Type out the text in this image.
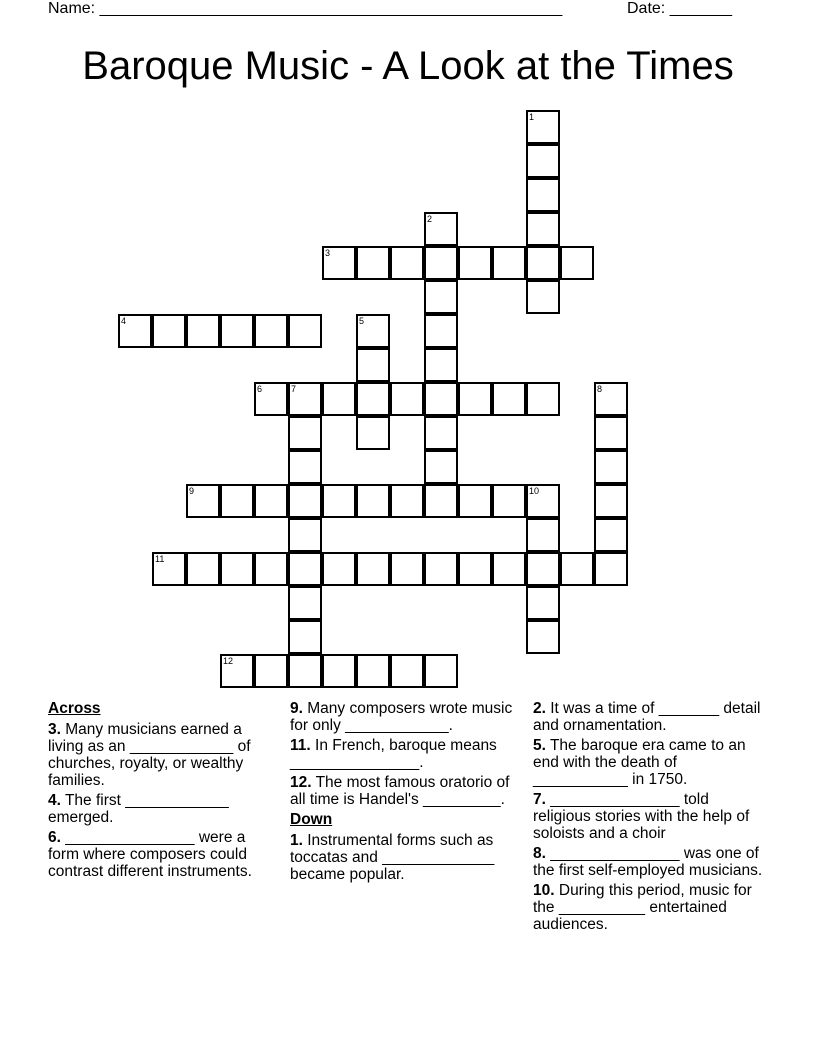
Name: ____________________________________________________	Date: _______
Baroque Music - A Look at the Times
1
2
3
4	5
6	7	8
9	10
11
12
Across
3. Many musicians earned a living as an ____________ of churches, royalty, or wealthy families.
4. The first ____________ emerged.
6. _______________ were a form where composers could contrast different instruments.
9. Many composers wrote music for only ____________.
11. In French, baroque means _______________.
12. The most famous oratorio of all time is Handel's _________.
Down
1. Instrumental forms such as toccatas and _____________ became popular.
2. It was a time of _______ detail and ornamentation.
5. The baroque era came to an end with the death of ___________ in 1750.
7. _______________ told religious stories with the help of soloists and a choir
8. _______________ was one of the first self-employed musicians.
10. During this period, music for the __________ entertained audiences.
